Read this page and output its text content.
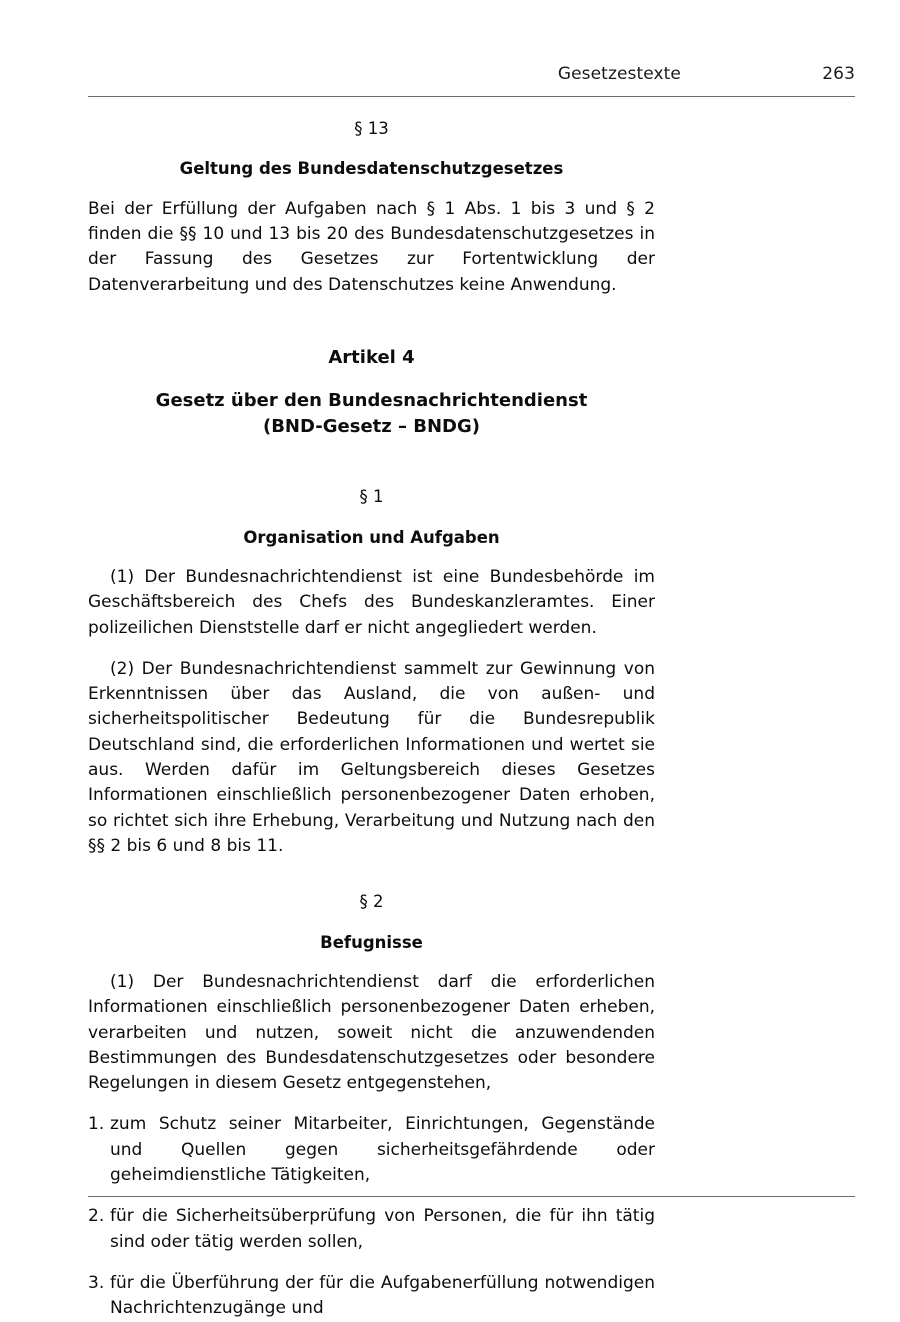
Gesetzestexte	263

§ 13

Geltung des Bundesdatenschutzgesetzes

Bei der Erfüllung der Aufgaben nach § 1 Abs. 1 bis 3 und § 2 finden die §§ 10 und 13 bis 20 des Bundesdatenschutzgesetzes in der Fassung des Gesetzes zur Fortentwicklung der Datenverarbeitung und des Datenschutzes keine Anwendung.

Artikel 4

Gesetz über den Bundesnachrichtendienst

(BND-Gesetz – BNDG)

§ 1

Organisation und Aufgaben

(1) Der Bundesnachrichtendienst ist eine Bundesbehörde im Geschäftsbereich des Chefs des Bundeskanzleramtes. Einer polizeilichen Dienststelle darf er nicht angegliedert werden.

(2) Der Bundesnachrichtendienst sammelt zur Gewinnung von Erkenntnissen über das Ausland, die von außen- und sicherheitspolitischer Bedeutung für die Bundesrepublik Deutschland sind, die erforderlichen Informationen und wertet sie aus. Werden dafür im Geltungsbereich dieses Gesetzes Informationen einschließlich personenbezogener Daten erhoben, so richtet sich ihre Erhebung, Verarbeitung und Nutzung nach den §§ 2 bis 6 und 8 bis 11.

§ 2

Befugnisse

(1) Der Bundesnachrichtendienst darf die erforderlichen Informationen einschließlich personenbezogener Daten erheben, verarbeiten und nutzen, soweit nicht die anzuwendenden Bestimmungen des Bundesdatenschutzgesetzes oder besondere Regelungen in diesem Gesetz entgegenstehen,

1. zum Schutz seiner Mitarbeiter, Einrichtungen, Gegenstände und Quellen gegen sicherheitsgefährdende oder geheimdienstliche Tätigkeiten,
2. für die Sicherheitsüberprüfung von Personen, die für ihn tätig sind oder tätig werden sollen,
3. für die Überführung der für die Aufgabenerfüllung notwendigen Nachrichtenzugänge und
